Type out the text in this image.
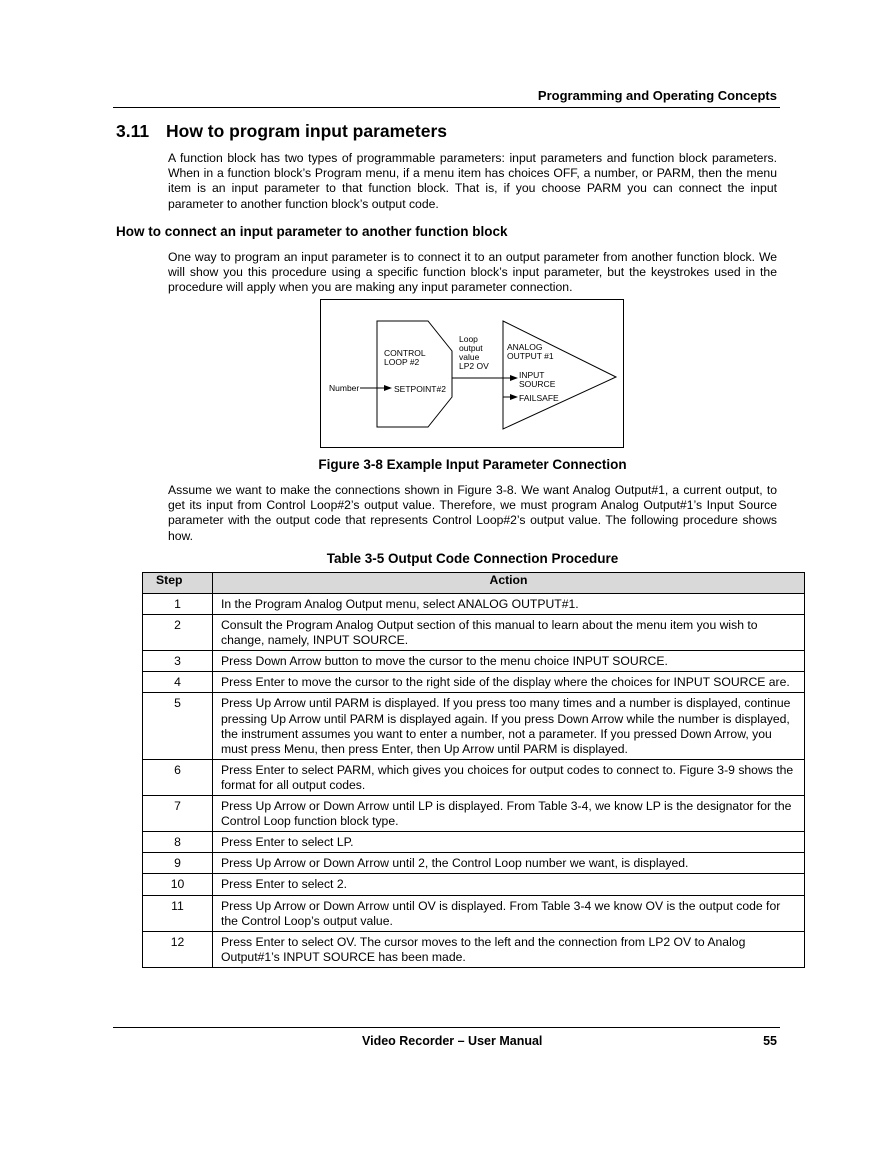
Programming and Operating Concepts
3.11 How to program input parameters
A function block has two types of programmable parameters: input parameters and function block parameters. When in a function block’s Program menu, if a menu item has choices OFF, a number, or PARM, then the menu item is an input parameter to that function block. That is, if you choose PARM you can connect the input parameter to another function block’s output code.
How to connect an input parameter to another function block
One way to program an input parameter is to connect it to an output parameter from another function block. We will show you this procedure using a specific function block’s input parameter, but the keystrokes used in the procedure will apply when you are making any input parameter connection.
CONTROL
LOOP #2
Number	SETPOINT#2
Loop
output
value
LP2 OV
ANALOG
OUTPUT #1
INPUT
SOURCE
FAILSAFE
Figure 3-8 Example Input Parameter Connection
Assume we want to make the connections shown in Figure 3-8. We want Analog Output#1, a current output, to get its input from Control Loop#2’s output value. Therefore, we must program Analog Output#1’s Input Source parameter with the output code that represents Control Loop#2’s output value. The following procedure shows how.
Table 3-5 Output Code Connection Procedure
Step	Action
1	In the Program Analog Output menu, select ANALOG OUTPUT#1.
2	Consult the Program Analog Output section of this manual to learn about the menu item you wish to change, namely, INPUT SOURCE.
3	Press Down Arrow button to move the cursor to the menu choice INPUT SOURCE.
4	Press Enter to move the cursor to the right side of the display where the choices for INPUT SOURCE are.
5	Press Up Arrow until PARM is displayed. If you press too many times and a number is displayed, continue pressing Up Arrow until PARM is displayed again. If you press Down Arrow while the number is displayed, the instrument assumes you want to enter a number, not a parameter. If you pressed Down Arrow, you must press Menu, then press Enter, then Up Arrow until PARM is displayed.
6	Press Enter to select PARM, which gives you choices for output codes to connect to. Figure 3-9 shows the format for all output codes.
7	Press Up Arrow or Down Arrow until LP is displayed. From Table 3-4, we know LP is the designator for the Control Loop function block type.
8	Press Enter to select LP.
9	Press Up Arrow or Down Arrow until 2, the Control Loop number we want, is displayed.
10	Press Enter to select 2.
11	Press Up Arrow or Down Arrow until OV is displayed. From Table 3-4 we know OV is the output code for the Control Loop’s output value.
12	Press Enter to select OV. The cursor moves to the left and the connection from LP2 OV to Analog Output#1’s INPUT SOURCE has been made.
Video Recorder – User Manual	55
